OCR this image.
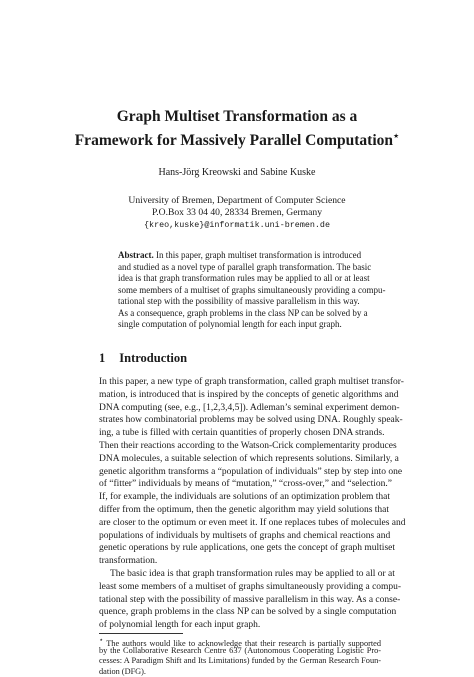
Graph Multiset Transformation as a
Framework for Massively Parallel Computation⋆
Hans-Jörg Kreowski and Sabine Kuske
University of Bremen, Department of Computer Science
P.O.Box 33 04 40, 28334 Bremen, Germany
{kreo,kuske}@informatik.uni-bremen.de
Abstract. In this paper, graph multiset transformation is introduced
and studied as a novel type of parallel graph transformation. The basic
idea is that graph transformation rules may be applied to all or at least
some members of a multiset of graphs simultaneously providing a compu-
tational step with the possibility of massive parallelism in this way.
As a consequence, graph problems in the class NP can be solved by a
single computation of polynomial length for each input graph.
1 Introduction
In this paper, a new type of graph transformation, called graph multiset transfor-
mation, is introduced that is inspired by the concepts of genetic algorithms and
DNA computing (see, e.g., [1,2,3,4,5]). Adleman’s seminal experiment demon-
strates how combinatorial problems may be solved using DNA. Roughly speak-
ing, a tube is filled with certain quantities of properly chosen DNA strands.
Then their reactions according to the Watson-Crick complementarity produces
DNA molecules, a suitable selection of which represents solutions. Similarly, a
genetic algorithm transforms a “population of individuals” step by step into one
of “fitter” individuals by means of “mutation,” “cross-over,” and “selection.”
If, for example, the individuals are solutions of an optimization problem that
differ from the optimum, then the genetic algorithm may yield solutions that
are closer to the optimum or even meet it. If one replaces tubes of molecules and
populations of individuals by multisets of graphs and chemical reactions and
genetic operations by rule applications, one gets the concept of graph multiset
transformation.
The basic idea is that graph transformation rules may be applied to all or at
least some members of a multiset of graphs simultaneously providing a compu-
tational step with the possibility of massive parallelism in this way. As a conse-
quence, graph problems in the class NP can be solved by a single computation
of polynomial length for each input graph.
⋆ The authors would like to acknowledge that their research is partially supported
by the Collaborative Research Centre 637 (Autonomous Cooperating Logistic Pro-
cesses: A Paradigm Shift and Its Limitations) funded by the German Research Foun-
dation (DFG).
